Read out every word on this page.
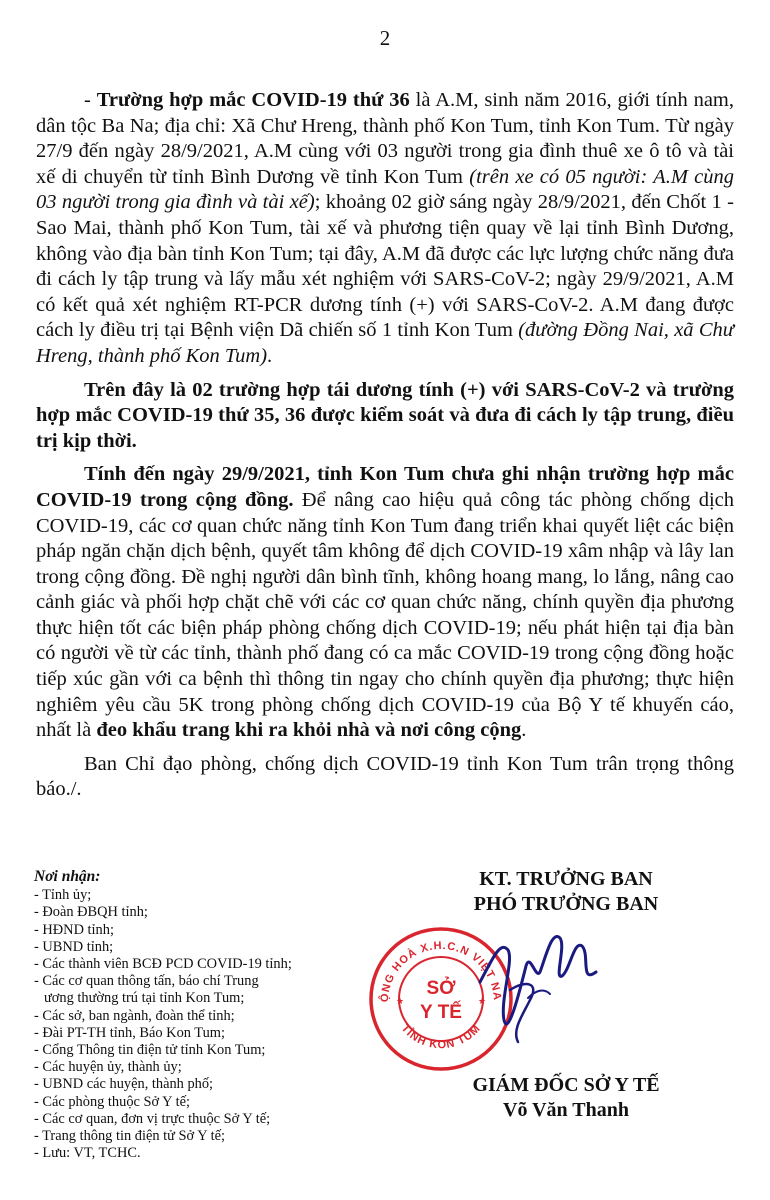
2

- Trường hợp mắc COVID-19 thứ 36 là A.M, sinh năm 2016, giới tính nam, dân tộc Ba Na; địa chỉ: Xã Chư Hreng, thành phố Kon Tum, tỉnh Kon Tum. Từ ngày 27/9 đến ngày 28/9/2021, A.M cùng với 03 người trong gia đình thuê xe ô tô và tài xế di chuyển từ tỉnh Bình Dương về tỉnh Kon Tum (trên xe có 05 người: A.M cùng 03 người trong gia đình và tài xế); khoảng 02 giờ sáng ngày 28/9/2021, đến Chốt 1 - Sao Mai, thành phố Kon Tum, tài xế và phương tiện quay về lại tỉnh Bình Dương, không vào địa bàn tỉnh Kon Tum; tại đây, A.M đã được các lực lượng chức năng đưa đi cách ly tập trung và lấy mẫu xét nghiệm với SARS-CoV-2; ngày 29/9/2021, A.M có kết quả xét nghiệm RT-PCR dương tính (+) với SARS-CoV-2. A.M đang được cách ly điều trị tại Bệnh viện Dã chiến số 1 tỉnh Kon Tum (đường Đồng Nai, xã Chư Hreng, thành phố Kon Tum).

Trên đây là 02 trường hợp tái dương tính (+) với SARS-CoV-2 và trường hợp mắc COVID-19 thứ 35, 36 được kiểm soát và đưa đi cách ly tập trung, điều trị kịp thời.

Tính đến ngày 29/9/2021, tỉnh Kon Tum chưa ghi nhận trường hợp mắc COVID-19 trong cộng đồng. Để nâng cao hiệu quả công tác phòng chống dịch COVID-19, các cơ quan chức năng tỉnh Kon Tum đang triển khai quyết liệt các biện pháp ngăn chặn dịch bệnh, quyết tâm không để dịch COVID-19 xâm nhập và lây lan trong cộng đồng. Đề nghị người dân bình tĩnh, không hoang mang, lo lắng, nâng cao cảnh giác và phối hợp chặt chẽ với các cơ quan chức năng, chính quyền địa phương thực hiện tốt các biện pháp phòng chống dịch COVID-19; nếu phát hiện tại địa bàn có người về từ các tỉnh, thành phố đang có ca mắc COVID-19 trong cộng đồng hoặc tiếp xúc gần với ca bệnh thì thông tin ngay cho chính quyền địa phương; thực hiện nghiêm yêu cầu 5K trong phòng chống dịch COVID-19 của Bộ Y tế khuyến cáo, nhất là đeo khẩu trang khi ra khỏi nhà và nơi công cộng.

Ban Chỉ đạo phòng, chống dịch COVID-19 tỉnh Kon Tum trân trọng thông báo./.

Nơi nhận:
- Tỉnh ủy;
- Đoàn ĐBQH tỉnh;
- HĐND tỉnh;
- UBND tỉnh;
- Các thành viên BCĐ PCD COVID-19 tỉnh;
- Các cơ quan thông tấn, báo chí Trung
ương thường trú tại tỉnh Kon Tum;
- Các sở, ban ngành, đoàn thể tỉnh;
- Đài PT-TH tỉnh, Báo Kon Tum;
- Cổng Thông tin điện tử tỉnh Kon Tum;
- Các huyện ủy, thành ủy;
- UBND các huyện, thành phố;
- Các phòng thuộc Sở Y tế;
- Các cơ quan, đơn vị trực thuộc Sở Y tế;
- Trang thông tin điện tử Sở Y tế;
- Lưu: VT, TCHC.
KT. TRƯỞNG BAN
PHÓ TRƯỞNG BAN
ỘNG HOÀ X.H.C.N VIỆT NA
TỈNH KON TUM
SỞ
Y TẾ
★	★
GIÁM ĐỐC SỞ Y TẾ
Võ Văn Thanh
